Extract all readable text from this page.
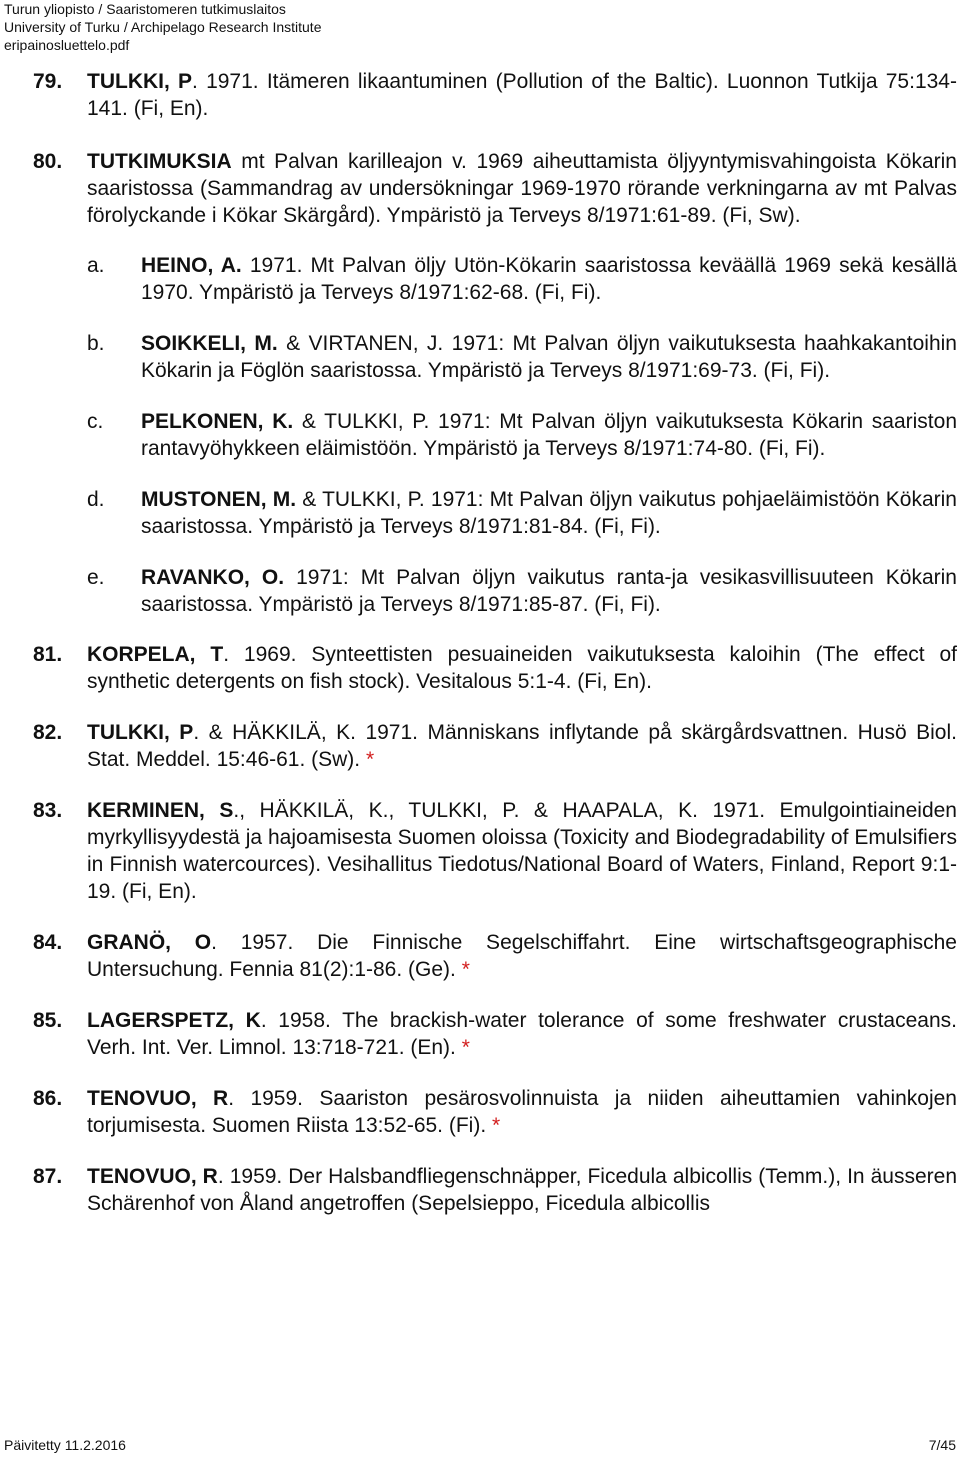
Turun yliopisto / Saaristomeren tutkimuslaitos
University of Turku / Archipelago Research Institute
eripainosluettelo.pdf
79.	TULKKI, P. 1971. Itämeren likaantuminen (Pollution of the Baltic). Luonnon Tutkija 75:134-141. (Fi, En).
80.	TUTKIMUKSIA mt Palvan karilleajon v. 1969 aiheuttamista öljyyntymisvahingoista Kökarin saaristossa (Sammandrag av undersökningar 1969-1970 rörande verkningarna av mt Palvas förolyckande i Kökar Skärgård). Ympäristö ja Terveys 8/1971:61-89. (Fi, Sw).
a.	HEINO, A. 1971. Mt Palvan öljy Utön-Kökarin saaristossa keväällä 1969 sekä kesällä 1970. Ympäristö ja Terveys 8/1971:62-68. (Fi, Fi).
b.	SOIKKELI, M. & VIRTANEN, J. 1971: Mt Palvan öljyn vaikutuksesta haahkakantoihin Kökarin ja Föglön saaristossa. Ympäristö ja Terveys 8/1971:69-73. (Fi, Fi).
c.	PELKONEN, K. & TULKKI, P. 1971: Mt Palvan öljyn vaikutuksesta Kökarin saariston rantavyöhykkeen eläimistöön. Ympäristö ja Terveys 8/1971:74-80. (Fi, Fi).
d.	MUSTONEN, M. & TULKKI, P. 1971: Mt Palvan öljyn vaikutus pohjaeläimistöön Kökarin saaristossa. Ympäristö ja Terveys 8/1971:81-84. (Fi, Fi).
e.	RAVANKO, O. 1971: Mt Palvan öljyn vaikutus ranta-ja vesikasvillisuuteen Kökarin saaristossa. Ympäristö ja Terveys 8/1971:85-87. (Fi, Fi).
81.	KORPELA, T. 1969. Synteettisten pesuaineiden vaikutuksesta kaloihin (The effect of synthetic detergents on fish stock). Vesitalous 5:1-4. (Fi, En).
82.	TULKKI, P. & HÄKKILÄ, K. 1971. Människans inflytande på skärgårdsvattnen. Husö Biol. Stat. Meddel. 15:46-61. (Sw). *
83.	KERMINEN, S., HÄKKILÄ, K., TULKKI, P. & HAAPALA, K. 1971. Emulgointiaineiden myrkyllisyydestä ja hajoamisesta Suomen oloissa (Toxicity and Biodegradability of Emulsifiers in Finnish watercources). Vesihallitus Tiedotus/National Board of Waters, Finland, Report 9:1-19. (Fi, En).
84.	GRANÖ, O. 1957. Die Finnische Segelschiffahrt. Eine wirtschaftsgeographische Untersuchung. Fennia 81(2):1-86. (Ge). *
85.	LAGERSPETZ, K. 1958. The brackish-water tolerance of some freshwater crustaceans. Verh. Int. Ver. Limnol. 13:718-721. (En). *
86.	TENOVUO, R. 1959. Saariston pesärosvolinnuista ja niiden aiheuttamien vahinkojen torjumisesta. Suomen Riista 13:52-65. (Fi). *
87.	TENOVUO, R. 1959. Der Halsbandfliegenschnäpper, Ficedula albicollis (Temm.), In äusseren Schärenhof von Åland angetroffen (Sepelsieppo, Ficedula albicollis
Päivitetty 11.2.2016	7/45
